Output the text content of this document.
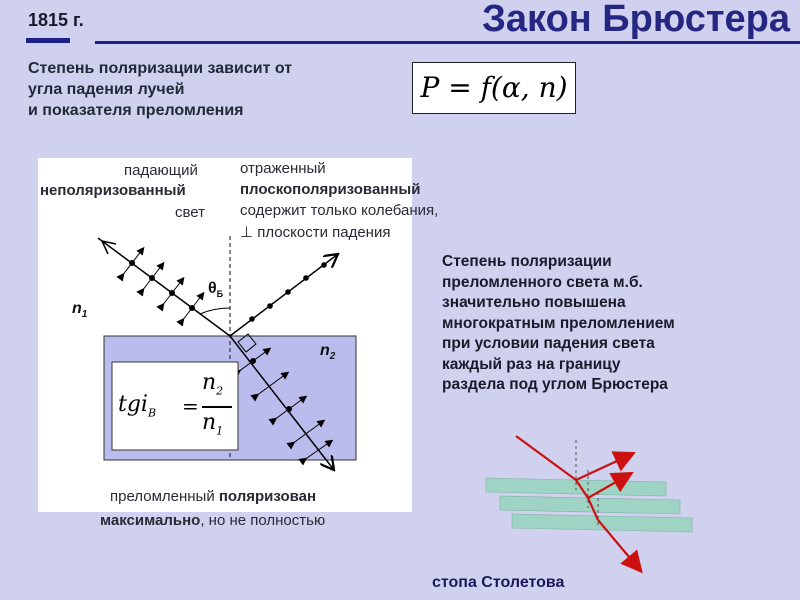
1815 г.	Закон Брюстера
Степень поляризации зависит от
угла падения лучей
и показателя преломления
P = f(α, n)
падающий
неполяризованный
свет
отраженный
плоскополяризованный
содержит только колебания,
⊥ плоскости падения
$\theta_Б$
$n_1$
$n_2$
tgi$_B$ =
$n_2$
$n_1$
преломленный поляризован
максимально, но не полностью
Степень поляризации
преломленного света м.б.
значительно повышена
многократным преломлением
при условии падения света
каждый раз на границу
раздела под углом Брюстера
стопа Столетова
